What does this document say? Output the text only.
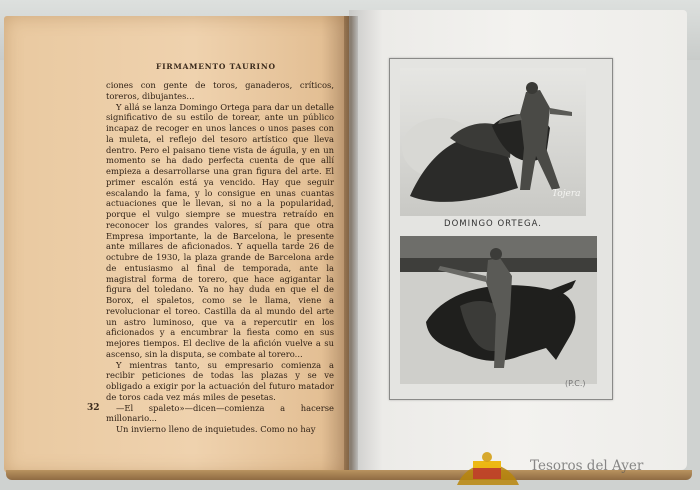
FIRMAMENTO TAURINO

ciones con gente de toros, ganaderos, críticos, toreros, dibujantes...

Y allá se lanza Domingo Ortega para dar un detalle significativo de su estilo de torear, ante un público incapaz de recoger en unos lances o unos pases con la muleta, el reflejo del tesoro artístico que lleva dentro. Pero el paisano tiene vista de águila, y en un momento se ha dado perfecta cuenta de que allí empieza a desarrollarse una gran figura del arte. El primer escalón está ya vencido. Hay que seguir escalando la fama, y lo consigue en unas cuantas actuaciones que le llevan, si no a la popularidad, porque el vulgo siempre se muestra retraído en reconocer los grandes valores, sí para que otra Empresa importante, la de Barcelona, le presente ante millares de aficionados. Y aquella tarde 26 de octubre de 1930, la plaza grande de Barcelona arde de entusiasmo al final de temporada, ante la magistral forma de torero, que hace agigantar la figura del toledano. Ya no hay duda en que el de Borox, el spaletos, como se le llama, viene a revolucionar el toreo. Castilla da al mundo del arte un astro luminoso, que va a repercutir en los aficionados y a encumbrar la fiesta como en sus mejores tiempos. El declive de la afición vuelve a su ascenso, sin la disputa, se combate al torero...

Y mientras tanto, su empresario comienza a recibir peticiones de todas las plazas y se ve obligado a exigir por la actuación del futuro matador de toros cada vez más miles de pesetas.

—El spaleto»—dicen—comienza a hacerse millonario...

Un invierno lleno de inquietudes. Como no hay

32
Tojera
DOMINGO ORTEGA.
(P.C.)
Tesoros del Ayer
